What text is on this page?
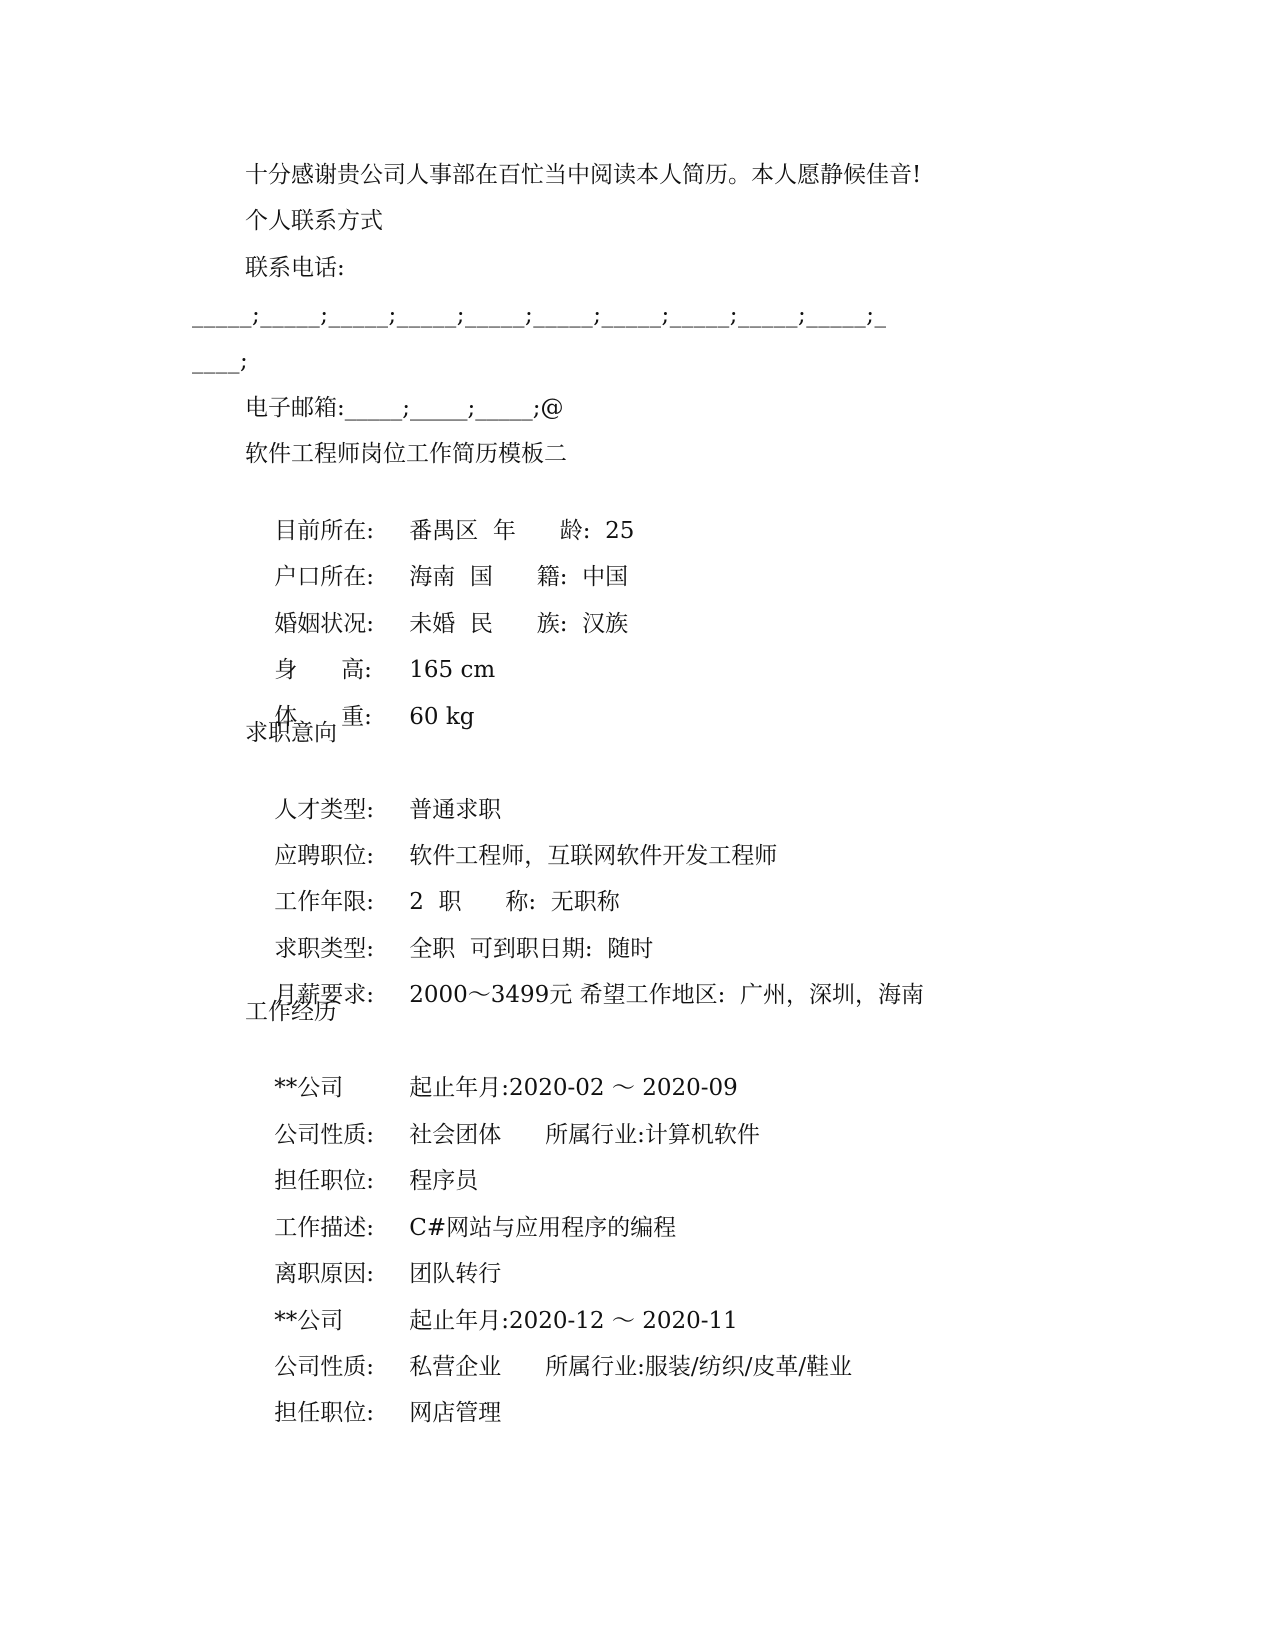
十分感谢贵公司人事部在百忙当中阅读本人简历。本人愿静候佳音!
个人联系方式
联系电话:
_____;_____;_____;_____;_____;_____;_____;_____;_____;_____;_
____;
电子邮箱:_____;_____;_____;@
软件工程师岗位工作简历模板二

目前所在: 番禺区  年      龄:  25

户口所在: 海南  国      籍:  中国

婚姻状况: 未婚  民      族:  汉族

身      高: 165 cm

体      重: 60 kg

求职意向

人才类型: 普通求职

应聘职位: 软件工程师，互联网软件开发工程师

工作年限: 2  职      称:  无职称

求职类型: 全职  可到职日期:  随时

月薪要求: 2000～3499元 希望工作地区:  广州，深圳，海南

工作经历

**公司	起止年月:2020-02 ～ 2020-09

公司性质: 社会团体      所属行业:计算机软件

担任职位: 程序员

工作描述: C#网站与应用程序的编程

离职原因: 团队转行

**公司	起止年月:2020-12 ～ 2020-11

公司性质: 私营企业      所属行业:服装/纺织/皮革/鞋业

担任职位: 网店管理
